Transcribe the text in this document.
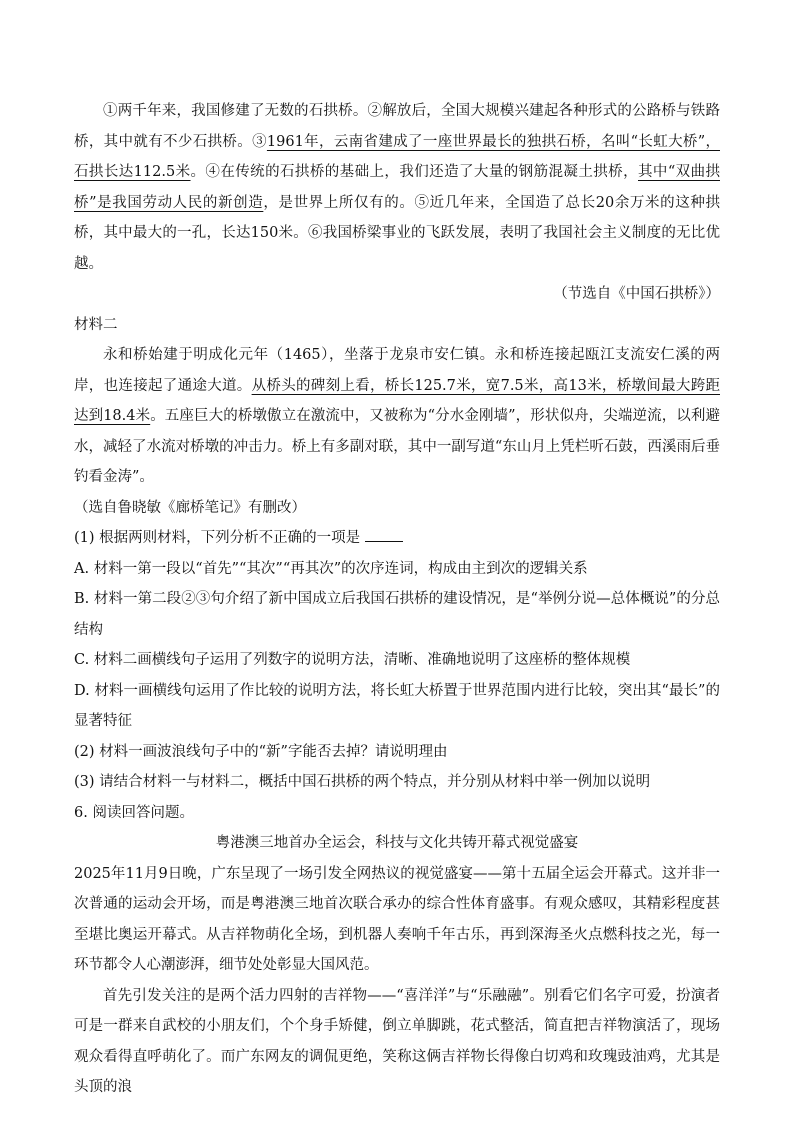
①两千年来，我国修建了无数的石拱桥。②解放后，全国大规模兴建起各种形式的公路桥与铁路桥，其中就有不少石拱桥。③1961年，云南省建成了一座世界最长的独拱石桥，名叫“长虹大桥”，石拱长达112.5米。④在传统的石拱桥的基础上，我们还造了大量的钢筋混凝土拱桥，其中“双曲拱桥”是我国劳动人民的新创造，是世界上所仅有的。⑤近几年来，全国造了总长20余万米的这种拱桥，其中最大的一孔，长达150米。⑥我国桥梁事业的飞跃发展，表明了我国社会主义制度的无比优越。

（节选自《中国石拱桥》）

材料二

永和桥始建于明成化元年（1465），坐落于龙泉市安仁镇。永和桥连接起瓯江支流安仁溪的两岸，也连接起了通途大道。从桥头的碑刻上看，桥长125.7米，宽7.5米，高13米，桥墩间最大跨距达到18.4米。五座巨大的桥墩傲立在激流中，又被称为“分水金刚墙”，形状似舟，尖端逆流，以利避水，减轻了水流对桥墩的冲击力。桥上有多副对联，其中一副写道“东山月上凭栏听石鼓，西溪雨后垂钓看金涛”。

（选自鲁晓敏《廊桥笔记》有删改）

(1) 根据两则材料，下列分析不正确的一项是

A. 材料一第一段以“首先”“其次”“再其次”的次序连词，构成由主到次的逻辑关系

B. 材料一第二段②③句介绍了新中国成立后我国石拱桥的建设情况，是“举例分说—总体概说”的分总结构

C. 材料二画横线句子运用了列数字的说明方法，清晰、准确地说明了这座桥的整体规模

D. 材料一画横线句运用了作比较的说明方法，将长虹大桥置于世界范围内进行比较，突出其“最长”的显著特征

(2) 材料一画波浪线句子中的“新”字能否去掉？请说明理由

(3) 请结合材料一与材料二，概括中国石拱桥的两个特点，并分别从材料中举一例加以说明

6. 阅读回答问题。

粤港澳三地首办全运会，科技与文化共铸开幕式视觉盛宴

2025年11月9日晚，广东呈现了一场引发全网热议的视觉盛宴——第十五届全运会开幕式。这并非一次普通的运动会开场，而是粤港澳三地首次联合承办的综合性体育盛事。有观众感叹，其精彩程度甚至堪比奥运开幕式。从吉祥物萌化全场，到机器人奏响千年古乐，再到深海圣火点燃科技之光，每一环节都令人心潮澎湃，细节处处彰显大国风范。

首先引发关注的是两个活力四射的吉祥物——“喜洋洋”与“乐融融”。别看它们名字可爱，扮演者可是一群来自武校的小朋友们，个个身手矫健，倒立单脚跳，花式整活，简直把吉祥物演活了，现场观众看得直呼萌化了。而广东网友的调侃更绝，笑称这俩吉祥物长得像白切鸡和玫瑰豉油鸡，尤其是头顶的浪
